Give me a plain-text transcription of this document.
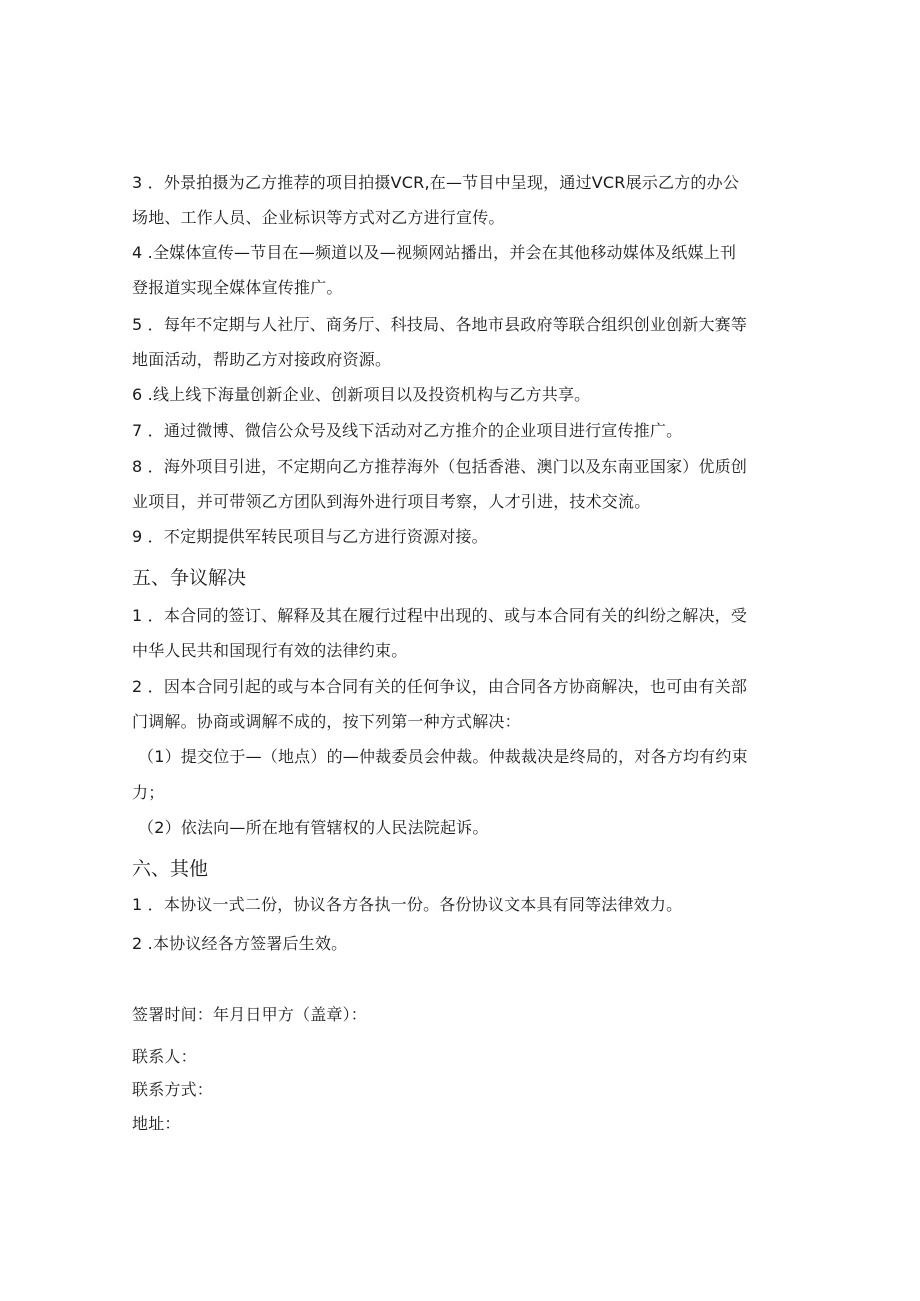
3 ．外景拍摄为乙方推荐的项目拍摄VCR,在—节目中呈现，通过VCR展示乙方的办公
场地、工作人员、企业标识等方式对乙方进行宣传。
4 .全媒体宣传—节目在—频道以及—视频网站播出，并会在其他移动媒体及纸媒上刊
登报道实现全媒体宣传推广。
5 ．每年不定期与人社厅、商务厅、科技局、各地市县政府等联合组织创业创新大赛等
地面活动，帮助乙方对接政府资源。
6 .线上线下海量创新企业、创新项目以及投资机构与乙方共享。
7 ．通过微博、微信公众号及线下活动对乙方推介的企业项目进行宣传推广。
8 ．海外项目引进，不定期向乙方推荐海外（包括香港、澳门以及东南亚国家）优质创
业项目，并可带领乙方团队到海外进行项目考察，人才引进，技术交流。
9 ．不定期提供军转民项目与乙方进行资源对接。
五、争议解决
1 ．本合同的签订、解释及其在履行过程中出现的、或与本合同有关的纠纷之解决，受
中华人民共和国现行有效的法律约束。
2 ．因本合同引起的或与本合同有关的任何争议，由合同各方协商解决，也可由有关部
门调解。协商或调解不成的，按下列第一种方式解决：
（1）提交位于—（地点）的—仲裁委员会仲裁。仲裁裁决是终局的，对各方均有约束
力；
（2）依法向—所在地有管辖权的人民法院起诉。
六、其他
1 ．本协议一式二份，协议各方各执一份。各份协议文本具有同等法律效力。
2 .本协议经各方签署后生效。
签署时间：年月日甲方（盖章）：
联系人：
联系方式：
地址：
